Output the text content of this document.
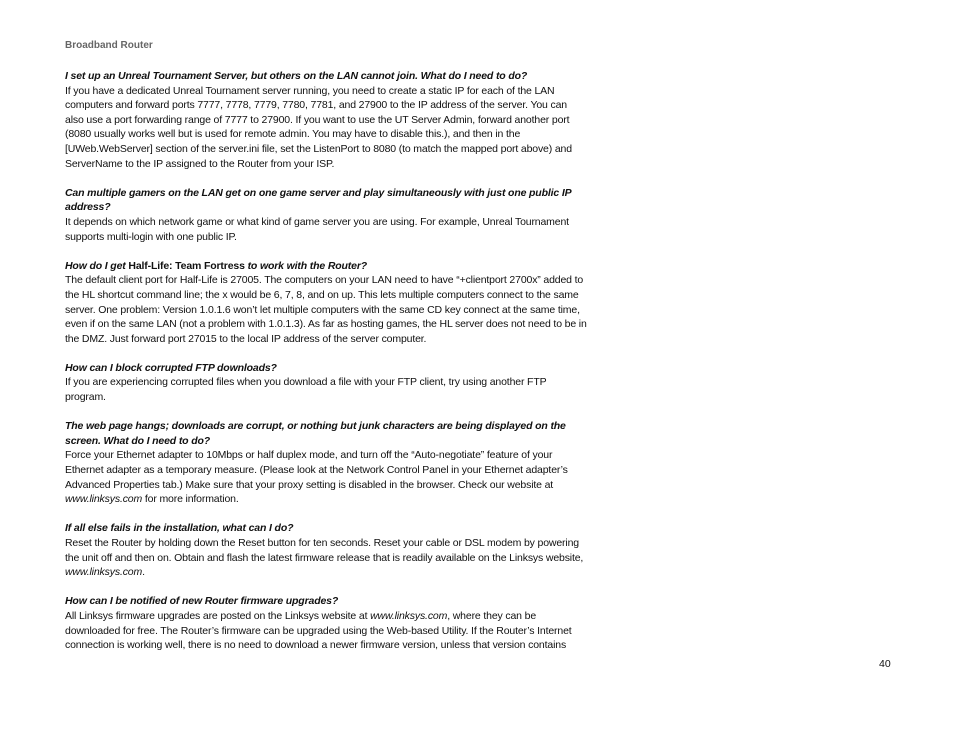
Broadband Router

I set up an Unreal Tournament Server, but others on the LAN cannot join. What do I need to do?

If you have a dedicated Unreal Tournament server running, you need to create a static IP for each of the LAN computers and forward ports 7777, 7778, 7779, 7780, 7781, and 27900 to the IP address of the server. You can also use a port forwarding range of 7777 to 27900. If you want to use the UT Server Admin, forward another port (8080 usually works well but is used for remote admin. You may have to disable this.), and then in the [UWeb.WebServer] section of the server.ini file, set the ListenPort to 8080 (to match the mapped port above) and ServerName to the IP assigned to the Router from your ISP.

Can multiple gamers on the LAN get on one game server and play simultaneously with just one public IP address?

It depends on which network game or what kind of game server you are using. For example, Unreal Tournament supports multi-login with one public IP.

How do I get Half-Life: Team Fortress to work with the Router?

The default client port for Half-Life is 27005. The computers on your LAN need to have “+clientport 2700x” added to the HL shortcut command line; the x would be 6, 7, 8, and on up. This lets multiple computers connect to the same server. One problem: Version 1.0.1.6 won’t let multiple computers with the same CD key connect at the same time, even if on the same LAN (not a problem with 1.0.1.3). As far as hosting games, the HL server does not need to be in the DMZ. Just forward port 27015 to the local IP address of the server computer.

How can I block corrupted FTP downloads?

If you are experiencing corrupted files when you download a file with your FTP client, try using another FTP program.

The web page hangs; downloads are corrupt, or nothing but junk characters are being displayed on the screen. What do I need to do?

Force your Ethernet adapter to 10Mbps or half duplex mode, and turn off the “Auto-negotiate” feature of your Ethernet adapter as a temporary measure. (Please look at the Network Control Panel in your Ethernet adapter’s Advanced Properties tab.) Make sure that your proxy setting is disabled in the browser. Check our website at www.linksys.com for more information.

If all else fails in the installation, what can I do?

Reset the Router by holding down the Reset button for ten seconds. Reset your cable or DSL modem by powering the unit off and then on. Obtain and flash the latest firmware release that is readily available on the Linksys website, www.linksys.com.

How can I be notified of new Router firmware upgrades?

All Linksys firmware upgrades are posted on the Linksys website at www.linksys.com, where they can be downloaded for free. The Router’s firmware can be upgraded using the Web-based Utility. If the Router’s Internet connection is working well, there is no need to download a newer firmware version, unless that version contains

40
